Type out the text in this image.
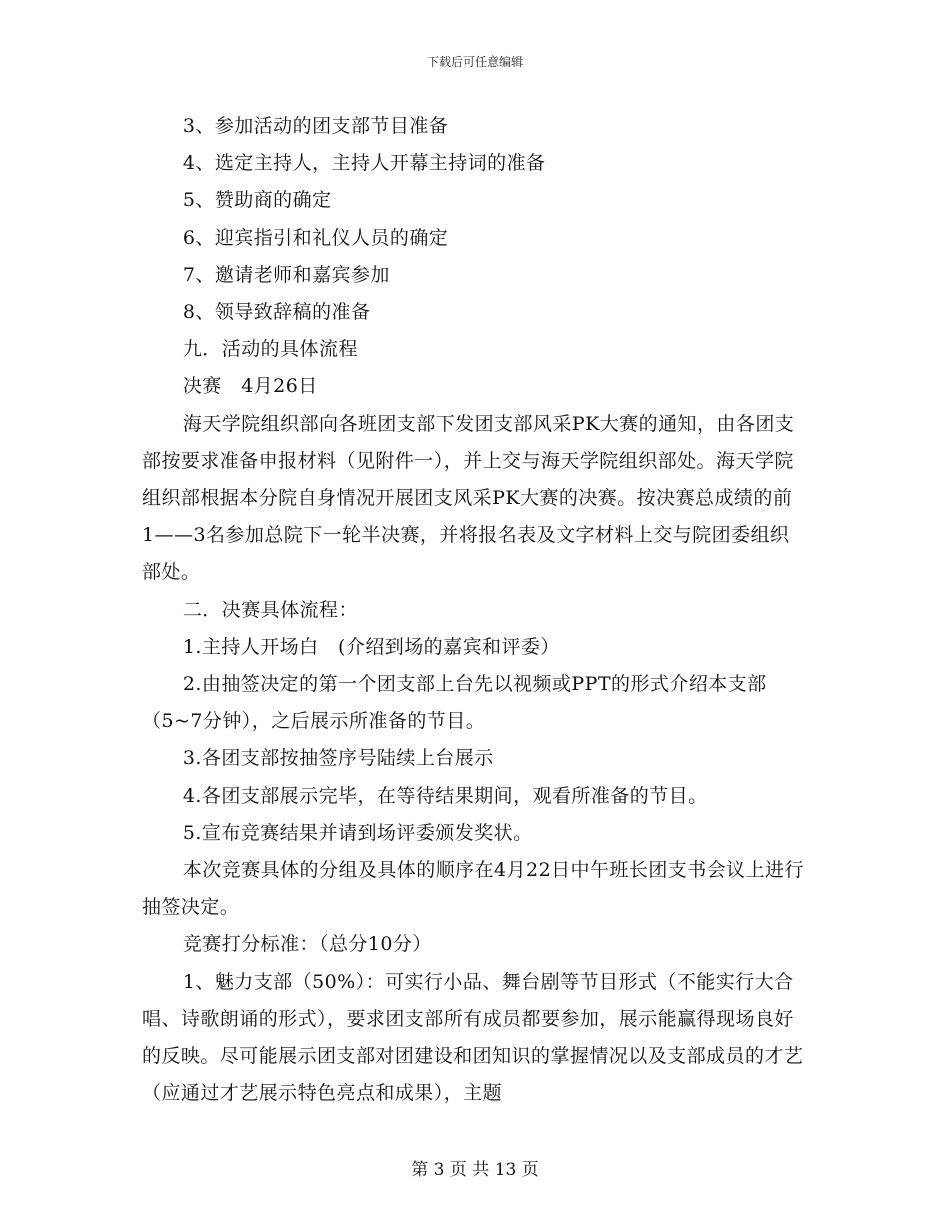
下载后可任意编辑

3、参加活动的团支部节目准备

4、选定主持人，主持人开幕主持词的准备

5、赞助商的确定

6、迎宾指引和礼仪人员的确定

7、邀请老师和嘉宾参加

8、领导致辞稿的准备

九．活动的具体流程

决赛　4月26日

海天学院组织部向各班团支部下发团支部风采PK大赛的通知，由各团支部按要求准备申报材料（见附件一），并上交与海天学院组织部处。海天学院组织部根据本分院自身情况开展团支风采PK大赛的决赛。按决赛总成绩的前1——3名参加总院下一轮半决赛，并将报名表及文字材料上交与院团委组织部处。

二．决赛具体流程：

1.主持人开场白　(介绍到场的嘉宾和评委）

2.由抽签决定的第一个团支部上台先以视频或PPT的形式介绍本支部（5~7分钟），之后展示所准备的节目。

3.各团支部按抽签序号陆续上台展示

4.各团支部展示完毕，在等待结果期间，观看所准备的节目。

5.宣布竞赛结果并请到场评委颁发奖状。

本次竞赛具体的分组及具体的顺序在4月22日中午班长团支书会议上进行抽签决定。

竞赛打分标准：（总分10分）

1、魅力支部（50%）：可实行小品、舞台剧等节目形式（不能实行大合唱、诗歌朗诵的形式），要求团支部所有成员都要参加，展示能赢得现场良好的反映。尽可能展示团支部对团建设和团知识的掌握情况以及支部成员的才艺（应通过才艺展示特色亮点和成果），主题

第 3 页 共 13 页
